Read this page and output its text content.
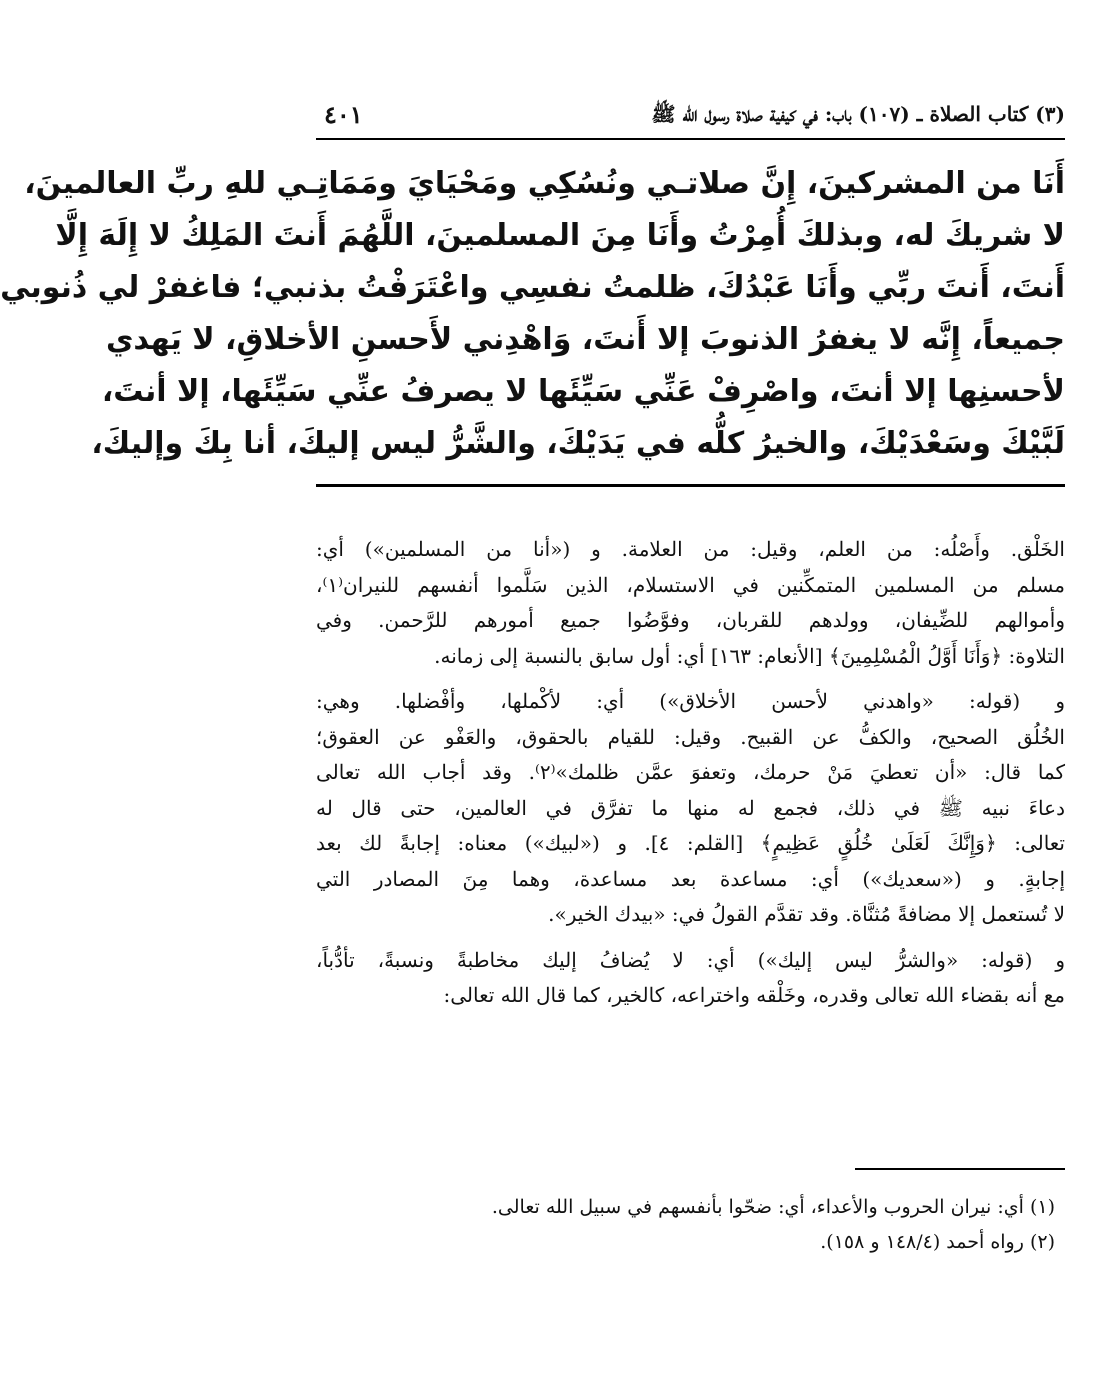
(٣) كتاب الصلاة ـ (١٠٧) باب: في كيفية صلاة رسول الله ﷺ
٤٠١

أَنَا من المشركينَ، إِنَّ صلاتـي ونُسُكِي ومَحْيَايَ ومَمَاتِـي للهِ ربِّ العالمينَ،

لا شريكَ له، وبذلكَ أُمِرْتُ وأَنَا مِنَ المسلمينَ، اللَّهُمَ أَنتَ المَلِكُ لا إِلَهَ إِلَّا

أَنتَ، أَنتَ ربِّي وأَنَا عَبْدُكَ، ظلمتُ نفسِي واعْتَرَفْتُ بذنبي؛ فاغفرْ لي ذُنوبي

جميعاً، إِنَّه لا يغفرُ الذنوبَ إلا أَنتَ، وَاهْدِني لأَحسنِ الأخلاقِ، لا يَهدي

لأحسنِها إلا أنتَ، واصْرِفْ عَنِّي سَيِّئَها لا يصرفُ عنِّي سَيِّئَها، إلا أنتَ،

لَبَّيْكَ وسَعْدَيْكَ، والخيرُ كلُّه في يَدَيْكَ، والشَّرُّ ليس إليكَ، أنا بِكَ وإليكَ،

الخَلْق. وأَصْلُه: من العلم، وقيل: من العلامة. و («أنا من المسلمين») أي:
مسلم من المسلمين المتمكِّنين في الاستسلام، الذين سَلَّموا أنفسهم للنيران⁽١⁾،
وأموالهم للضِّيفان، وولدهم للقربان، وفوَّضُوا جميع أمورهم للرَّحمن. وفي
التلاوة: ﴿وَأَنَا أَوَّلُ الْمُسْلِمِينَ﴾ [الأنعام: ١٦٣] أي: أول سابق بالنسبة إلى زمانه.
و (قوله: «واهدني لأحسن الأخلاق») أي: لأكْملها، وأفْضلها. وهي:
الخُلُق الصحيح، والكفُّ عن القبيح. وقيل: للقيام بالحقوق، والعَفْو عن العقوق؛
كما قال: «أن تعطيَ مَنْ حرمك، وتعفوَ عمَّن ظلمك»⁽٢⁾. وقد أجاب الله تعالى
دعاءَ نبيه ﷺ في ذلك، فجمع له منها ما تفرَّق في العالمين، حتى قال له
تعالى: ﴿وَإِنَّكَ لَعَلَىٰ خُلُقٍ عَظِيمٍ﴾ [القلم: ٤]. و («لبيك») معناه: إجابةً لك بعد
إجابةٍ. و («سعديك») أي: مساعدة بعد مساعدة، وهما مِنَ المصادر التي
لا تُستعمل إلا مضافةً مُثنَّاة. وقد تقدَّم القولُ في: «بيدك الخير».
و (قوله: «والشرُّ ليس إليك») أي: لا يُضافُ إليك مخاطبةً ونسبةً، تأدُّباً،
مع أنه بقضاء الله تعالى وقدره، وخَلْقه واختراعه، كالخير، كما قال الله تعالى:
(١) أي: نيران الحروب والأعداء، أي: ضحّوا بأنفسهم في سبيل الله تعالى.
(٢) رواه أحمد (١٤٨/٤ و ١٥٨).
